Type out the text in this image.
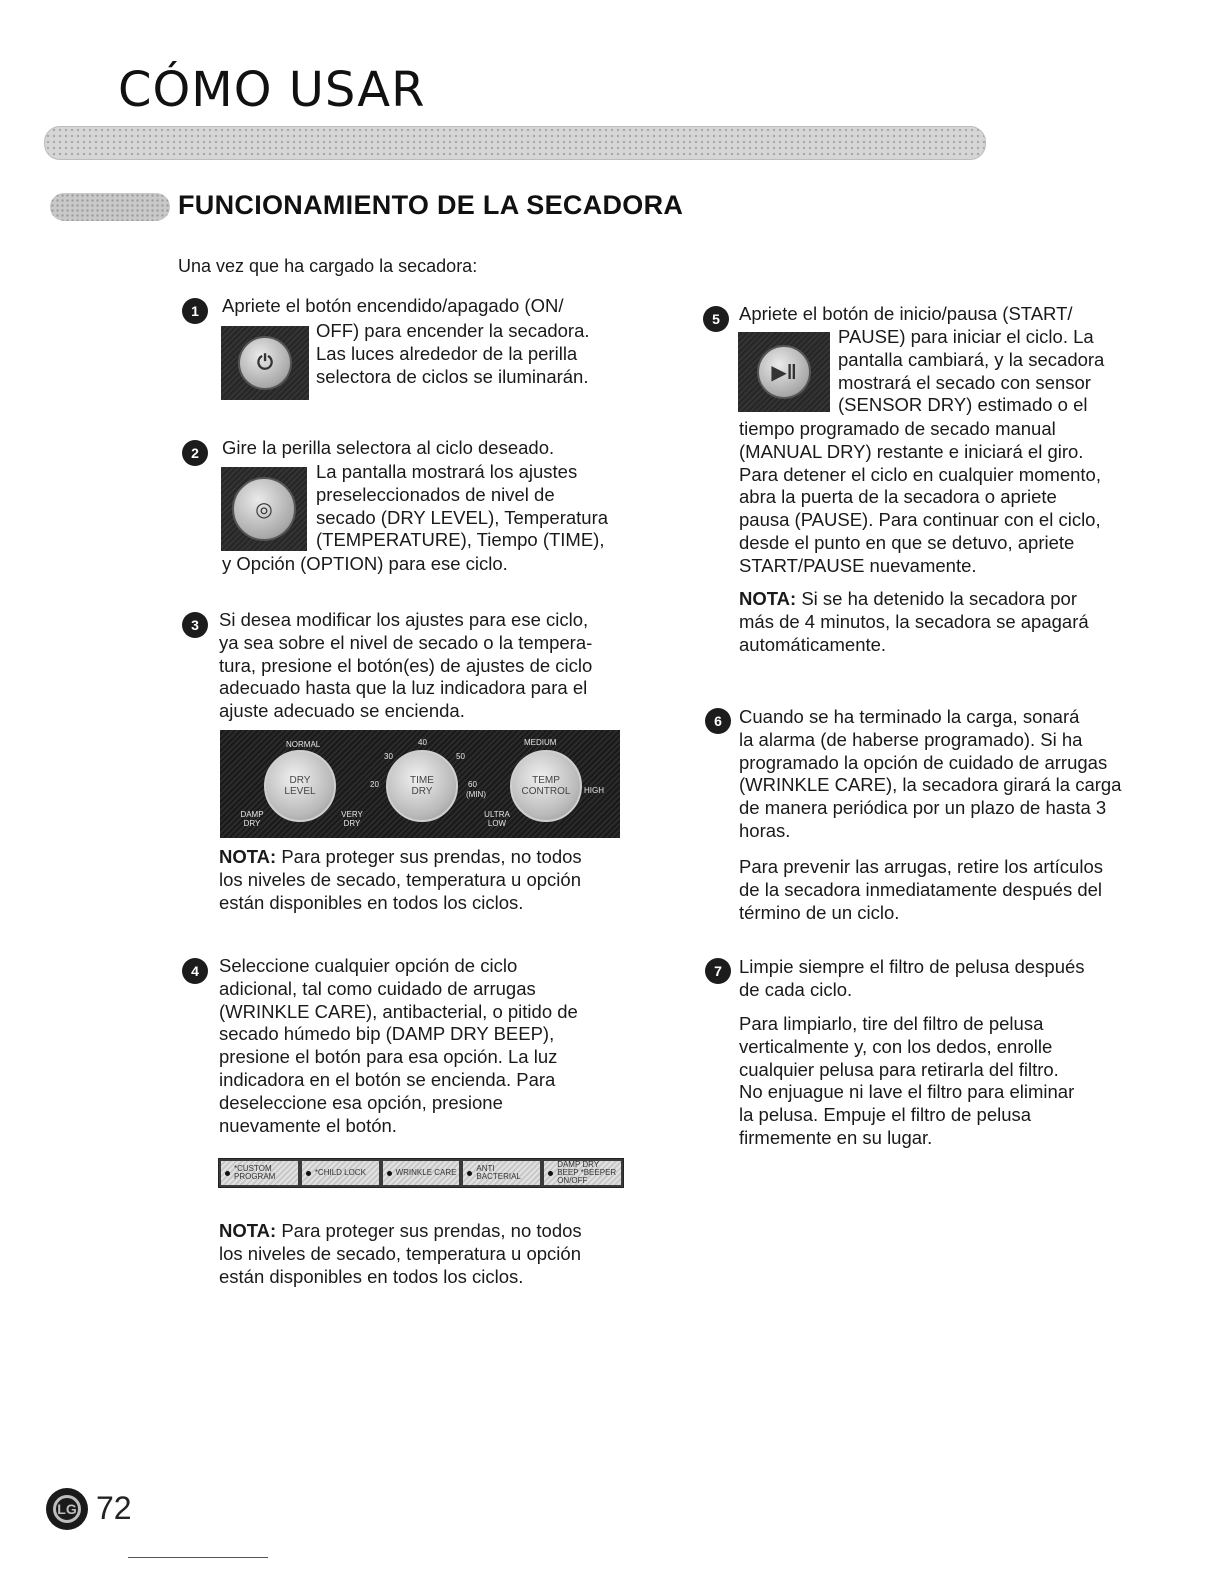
CÓMO USAR
FUNCIONAMIENTO DE LA SECADORA
Una vez que ha cargado la secadora:
1	Apriete el botón encendido/apagado (ON/
⏻

OFF) para encender la secadora.

Las luces alrededor de la perilla

selectora de ciclos se iluminarán.

2	Gire la perilla selectora al ciclo deseado.
◎

La pantalla mostrará los ajustes

preseleccionados de nivel de

secado (DRY LEVEL), Temperatura

(TEMPERATURE), Tiempo (TIME),

y Opción (OPTION) para ese ciclo.
3	Si desea modificar los ajustes para ese ciclo,

ya sea sobre el nivel de secado o la tempera-

tura, presione el botón(es) de ajustes de ciclo

adecuado hasta que la luz indicadora para el

ajuste adecuado se encienda.

NORMAL	MEDIUM
DAMP DRY
VERY DRY
40
30	50
20	60
(MIN)
ULTRA LOW
HIGH
DRY
LEVEL
TIME
DRY
TEMP
CONTROL

NOTA: Para proteger sus prendas, no todos

los niveles de secado, temperatura u opción

están disponibles en todos los ciclos.

4	Seleccione cualquier opción de ciclo

adicional, tal como cuidado de arrugas

(WRINKLE CARE), antibacterial, o pitido de

secado húmedo bip (DAMP DRY BEEP),

presione el botón para esa opción. La luz

indicadora en el botón se encienda. Para

deseleccione esa opción, presione

nuevamente el botón.

*CUSTOM PROGRAM	*CHILD LOCK	WRINKLE CARE ANTI BACTERIAL
DAMP DRY BEEP *BEEPER ON/OFF

NOTA: Para proteger sus prendas, no todos

los niveles de secado, temperatura u opción

están disponibles en todos los ciclos.

5	Apriete el botón de inicio/pausa (START/
▶‖

PAUSE) para iniciar el ciclo. La

pantalla cambiará, y la secadora

mostrará el secado con sensor

(SENSOR DRY) estimado o el

tiempo programado de secado manual

(MANUAL DRY) restante e iniciará el giro.

Para detener el ciclo en cualquier momento,

abra la puerta de la secadora o apriete

pausa (PAUSE). Para continuar con el ciclo,

desde el punto en que se detuvo, apriete

START/PAUSE nuevamente.

NOTA: Si se ha detenido la secadora por

más de 4 minutos, la secadora se apagará

automáticamente.

6 Cuando se ha terminado la carga, sonará

la alarma (de haberse programado). Si ha

programado la opción de cuidado de arrugas

(WRINKLE CARE), la secadora girará la carga

de manera periódica por un plazo de hasta 3

horas.

Para prevenir las arrugas, retire los artículos

de la secadora inmediatamente después del

término de un ciclo.

7 Limpie siempre el filtro de pelusa después

de cada ciclo.

Para limpiarlo, tire del filtro de pelusa

verticalmente y, con los dedos, enrolle

cualquier pelusa para retirarla del filtro.

No enjuague ni lave el filtro para eliminar

la pelusa. Empuje el filtro de pelusa

firmemente en su lugar.

LG 72
